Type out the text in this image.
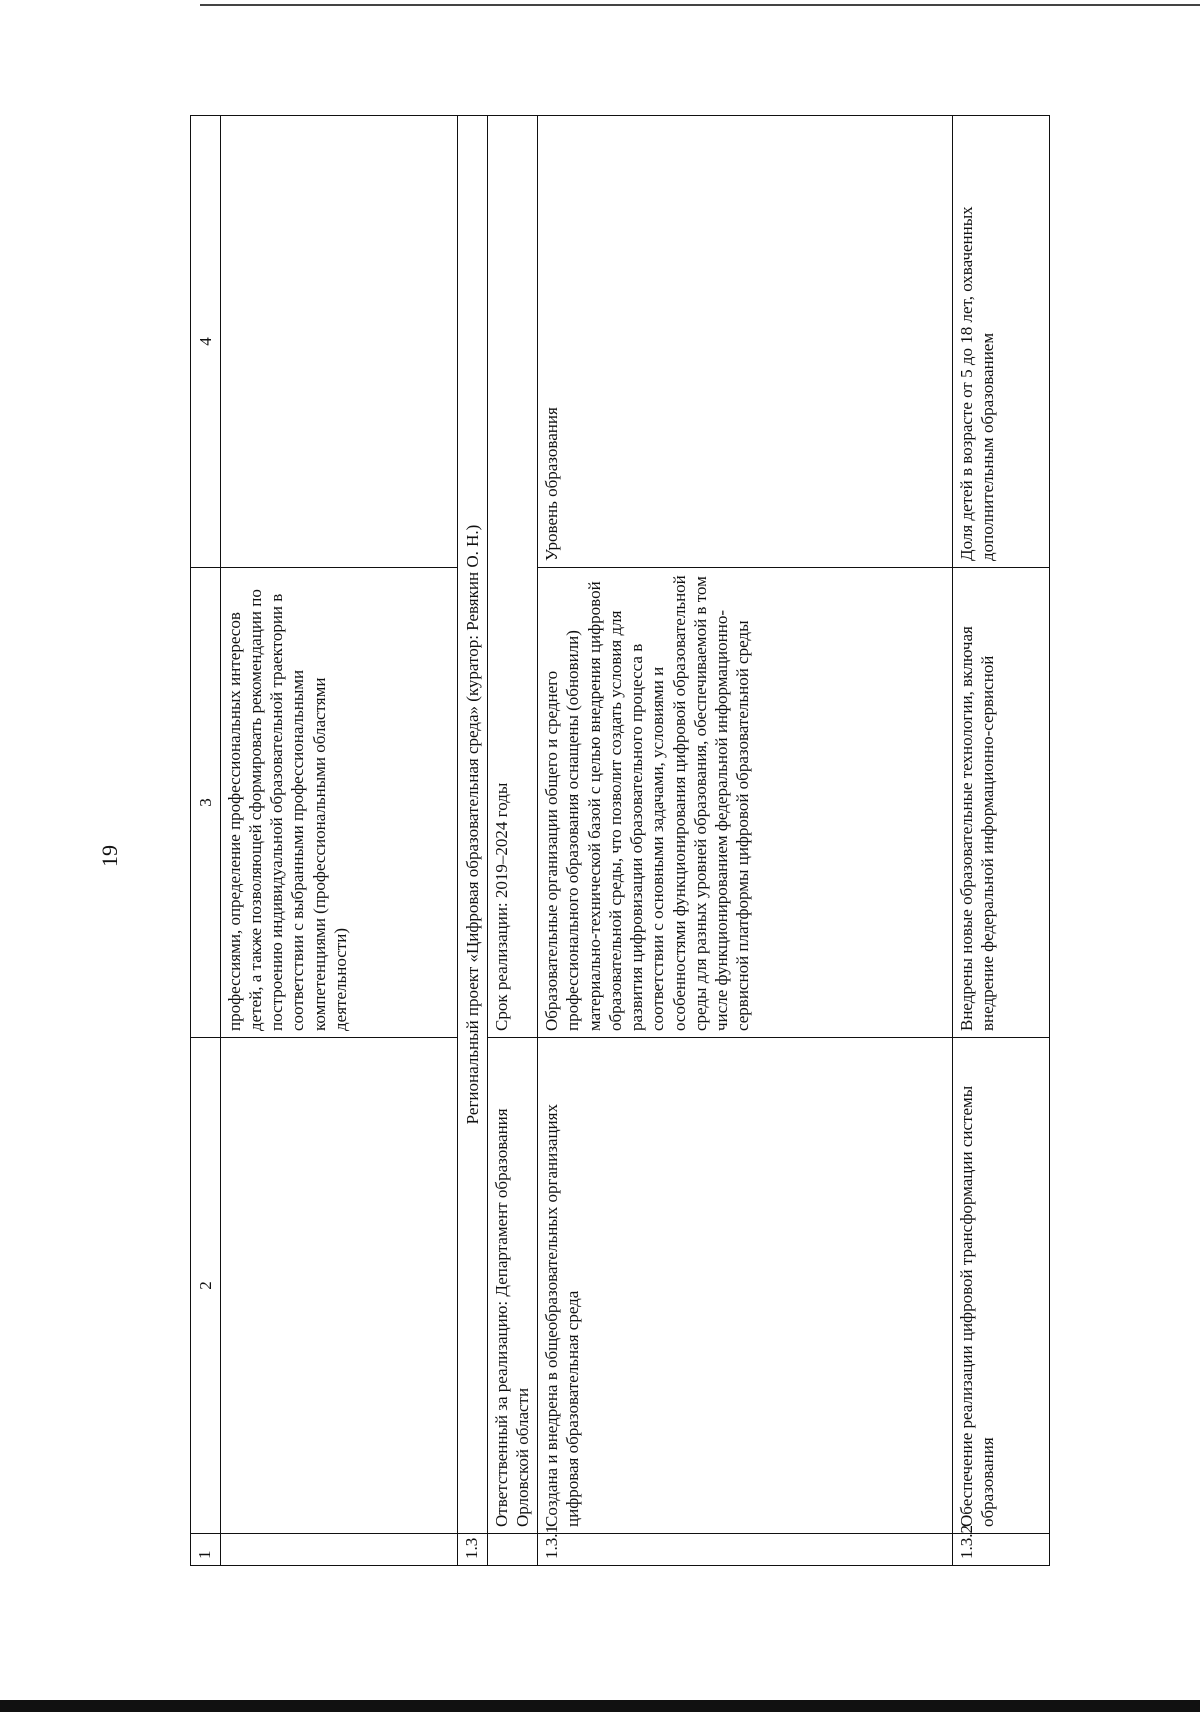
19
1	2	3	4
		профессиями, определение профессиональных интересов детей, а также позволяющей сформировать рекомендации по построению индивидуальной образовательной траектории в соответствии с выбранными профессиональными компетенциями (профессиональными областями деятельности)	
1.3	Региональный проект «Цифровая образовательная среда» (куратор: Ревякин О. Н.)		
	Ответственный за реализацию: Департамент образования Орловской области	Срок реализации: 2019–2024 годы	
1.3.1	Создана и внедрена в общеобразовательных организациях цифровая образовательная среда	Образовательные организации общего и среднего профессионального образования оснащены (обновили) материально-технической базой с целью внедрения цифровой образовательной среды, что позволит создать условия для развития цифровизации образовательного процесса в соответствии с основными задачами, условиями и особенностями функционирования цифровой образовательной среды для разных уровней образования, обеспечиваемой в том числе функционированием федеральной информационно-сервисной платформы цифровой образовательной среды	Уровень образования
1.3.2	Обеспечение реализации цифровой трансформации системы образования	Внедрены новые образовательные технологии, включая внедрение федеральной информационно-сервисной	Доля детей в возрасте от 5 до 18 лет, охваченных дополнительным образованием
